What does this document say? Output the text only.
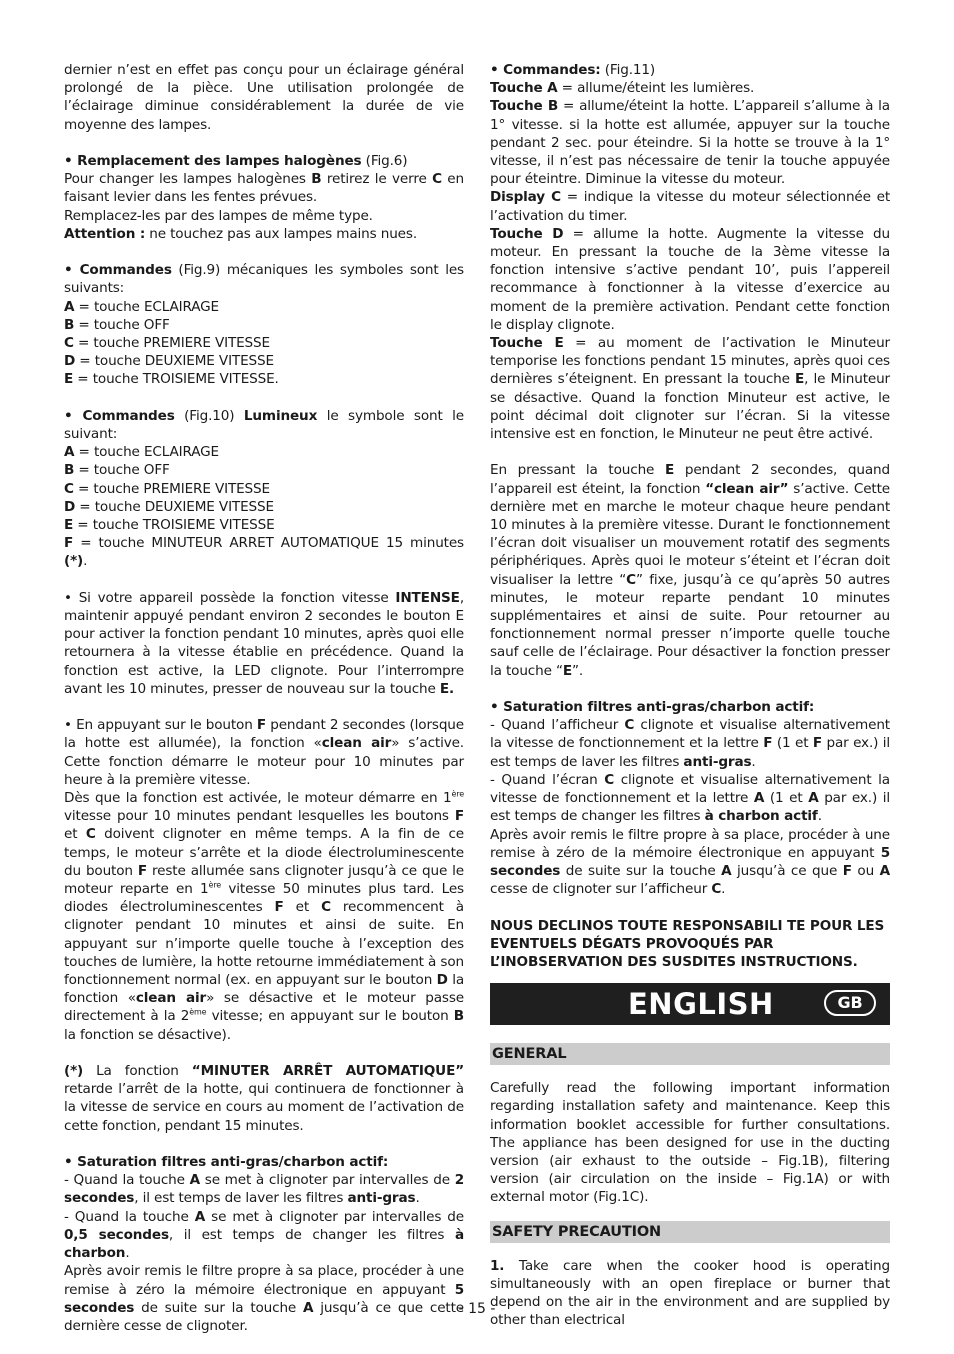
dernier n’est en effet pas conçu pour un éclairage général prolongé de la pièce. Une utilisation prolongée de l’éclairage diminue considérablement la durée de vie moyenne des lampes.

• Remplacement des lampes halogènes (Fig.6)
Pour changer les lampes halogènes B retirez le verre C en faisant levier dans les fentes prévues.
Remplacez-les par des lampes de même type.
Attention : ne touchez pas aux lampes mains nues.

• Commandes (Fig.9) mécaniques les symboles sont les suivants:
A = touche ECLAIRAGE
B = touche OFF
C = touche PREMIERE VITESSE
D = touche DEUXIEME VITESSE
E = touche TROISIEME VITESSE.

• Commandes (Fig.10) Lumineux le symbole sont le suivant:
A = touche ECLAIRAGE
B = touche OFF
C = touche PREMIERE VITESSE
D = touche DEUXIEME VITESSE
E = touche TROISIEME VITESSE
F = touche MINUTEUR ARRET AUTOMATIQUE 15 minutes (*).

• Si votre appareil possède la fonction vitesse INTENSE, maintenir appuyé pendant environ 2 secondes le bouton E pour activer la fonction pendant 10 minutes, après quoi elle retournera à la vitesse établie en précédence. Quand la fonction est active, la LED clignote. Pour l’interrompre avant les 10 minutes, presser de nouveau sur la touche E.

• En appuyant sur le bouton F pendant 2 secondes (lorsque la hotte est allumée), la fonction «clean air» s’active. Cette fonction démarre le moteur pour 10 minutes par heure à la première vitesse.
Dès que la fonction est activée, le moteur démarre en 1ère vitesse pour 10 minutes pendant lesquelles les boutons F et C doivent clignoter en même temps. A la fin de ce temps, le moteur s’arrête et la diode électroluminescente du bouton F reste allumée sans clignoter jusqu’à ce que le moteur reparte en 1ère vitesse 50 minutes plus tard. Les diodes électroluminescentes F et C recommencent à clignoter pendant 10 minutes et ainsi de suite. En appuyant sur n’importe quelle touche à l’exception des touches de lumière, la hotte retourne immédiatement à son fonctionnement normal (ex. en appuyant sur le bouton D la fonction «clean air» se désactive et le moteur passe directement à la 2ème vitesse; en appuyant sur le bouton B la fonction se désactive).

(*) La fonction “MINUTER ARRÊT AUTOMATIQUE” retarde l’arrêt de la hotte, qui continuera de fonctionner à la vitesse de service en cours au moment de l’activation de cette fonction, pendant 15 minutes.

• Saturation filtres anti-gras/charbon actif:
- Quand la touche A se met à clignoter par intervalles de 2 secondes, il est temps de laver les filtres anti-gras.
- Quand la touche A se met à clignoter par intervalles de 0,5 secondes, il est temps de changer les filtres à charbon.
Après avoir remis le filtre propre à sa place, procéder à une remise à zéro la mémoire électronique en appuyant 5 secondes de suite sur la touche A jusqu’à ce que cette dernière cesse de clignoter.

• Commandes: (Fig.11)
Touche A = allume/éteint les lumières.
Touche B = allume/éteint la hotte. L’appareil s’allume à la 1° vitesse. si la hotte est allumée, appuyer sur la touche pendant 2 sec. pour éteindre. Si la hotte se trouve à la 1° vitesse, il n’est pas nécessaire de tenir la touche appuyée pour éteintre. Diminue la vitesse du moteur.
Display C = indique la vitesse du moteur sélectionnée et l’activation du timer.
Touche D = allume la hotte. Augmente la vitesse du moteur. En pressant la touche de la 3ème vitesse la fonction intensive s’active pendant 10’, puis l’appereil recommance à fonctionner à la vitesse d’exercice au moment de la première activation. Pendant cette fonction le display clignote.
Touche E = au moment de l’activation le Minuteur temporise les fonctions pendant 15 minutes, après quoi ces dernières s’éteignent. En pressant la touche E, le Minuteur se désactive. Quand la fonction Minuteur est active, le point décimal doit clignoter sur l’écran. Si la vitesse intensive est en fonction, le Minuteur ne peut être activé.

En pressant la touche E pendant 2 secondes, quand l’appareil est éteint, la fonction “clean air” s’active. Cette dernière met en marche le moteur chaque heure pendant 10 minutes à la première vitesse. Durant le fonctionnement l’écran doit visualiser un mouvement rotatif des segments périphériques. Après quoi le moteur s’éteint et l’écran doit visualiser la lettre “C” fixe, jusqu’à ce qu’après 50 autres minutes, le moteur reparte pendant 10 minutes supplémentaires et ainsi de suite. Pour retourner au fonctionnement normal presser n’importe quelle touche sauf celle de l’éclairage. Pour désactiver la fonction presser la touche “E”.

• Saturation filtres anti-gras/charbon actif:
- Quand l’afficheur C clignote et visualise alternativement la vitesse de fonctionnement et la lettre F (1 et F par ex.) il est temps de laver les filtres anti-gras.
- Quand l’écran C clignote et visualise alternativement la vitesse de fonctionnement et la lettre A (1 et A par ex.) il est temps de changer les filtres à charbon actif.
Après avoir remis le filtre propre à sa place, procéder à une remise à zéro de la mémoire électronique en appuyant 5 secondes de suite sur la touche A jusqu’à ce que F ou A cesse de clignoter sur l’afficheur C.

NOUS DECLINOS TOUTE RESPONSABILI TE POUR LES EVENTUELS DÉGATS PROVOQUÉS PAR L’INOBSERVATION DES SUSDITES INSTRUCTIONS.

ENGLISH	GB
GENERAL

Carefully read the following important information regarding installation safety and maintenance. Keep this information booklet accessible for further consultations. The appliance has been designed for use in the ducting version (air exhaust to the outside – Fig.1B), filtering version (air circulation on the inside – Fig.1A) or with external motor (Fig.1C).

SAFETY PRECAUTION

1. Take care when the cooker hood is operating simultaneously with an open fireplace or burner that depend on the air in the environment and are supplied by other than electrical

- 15 -
